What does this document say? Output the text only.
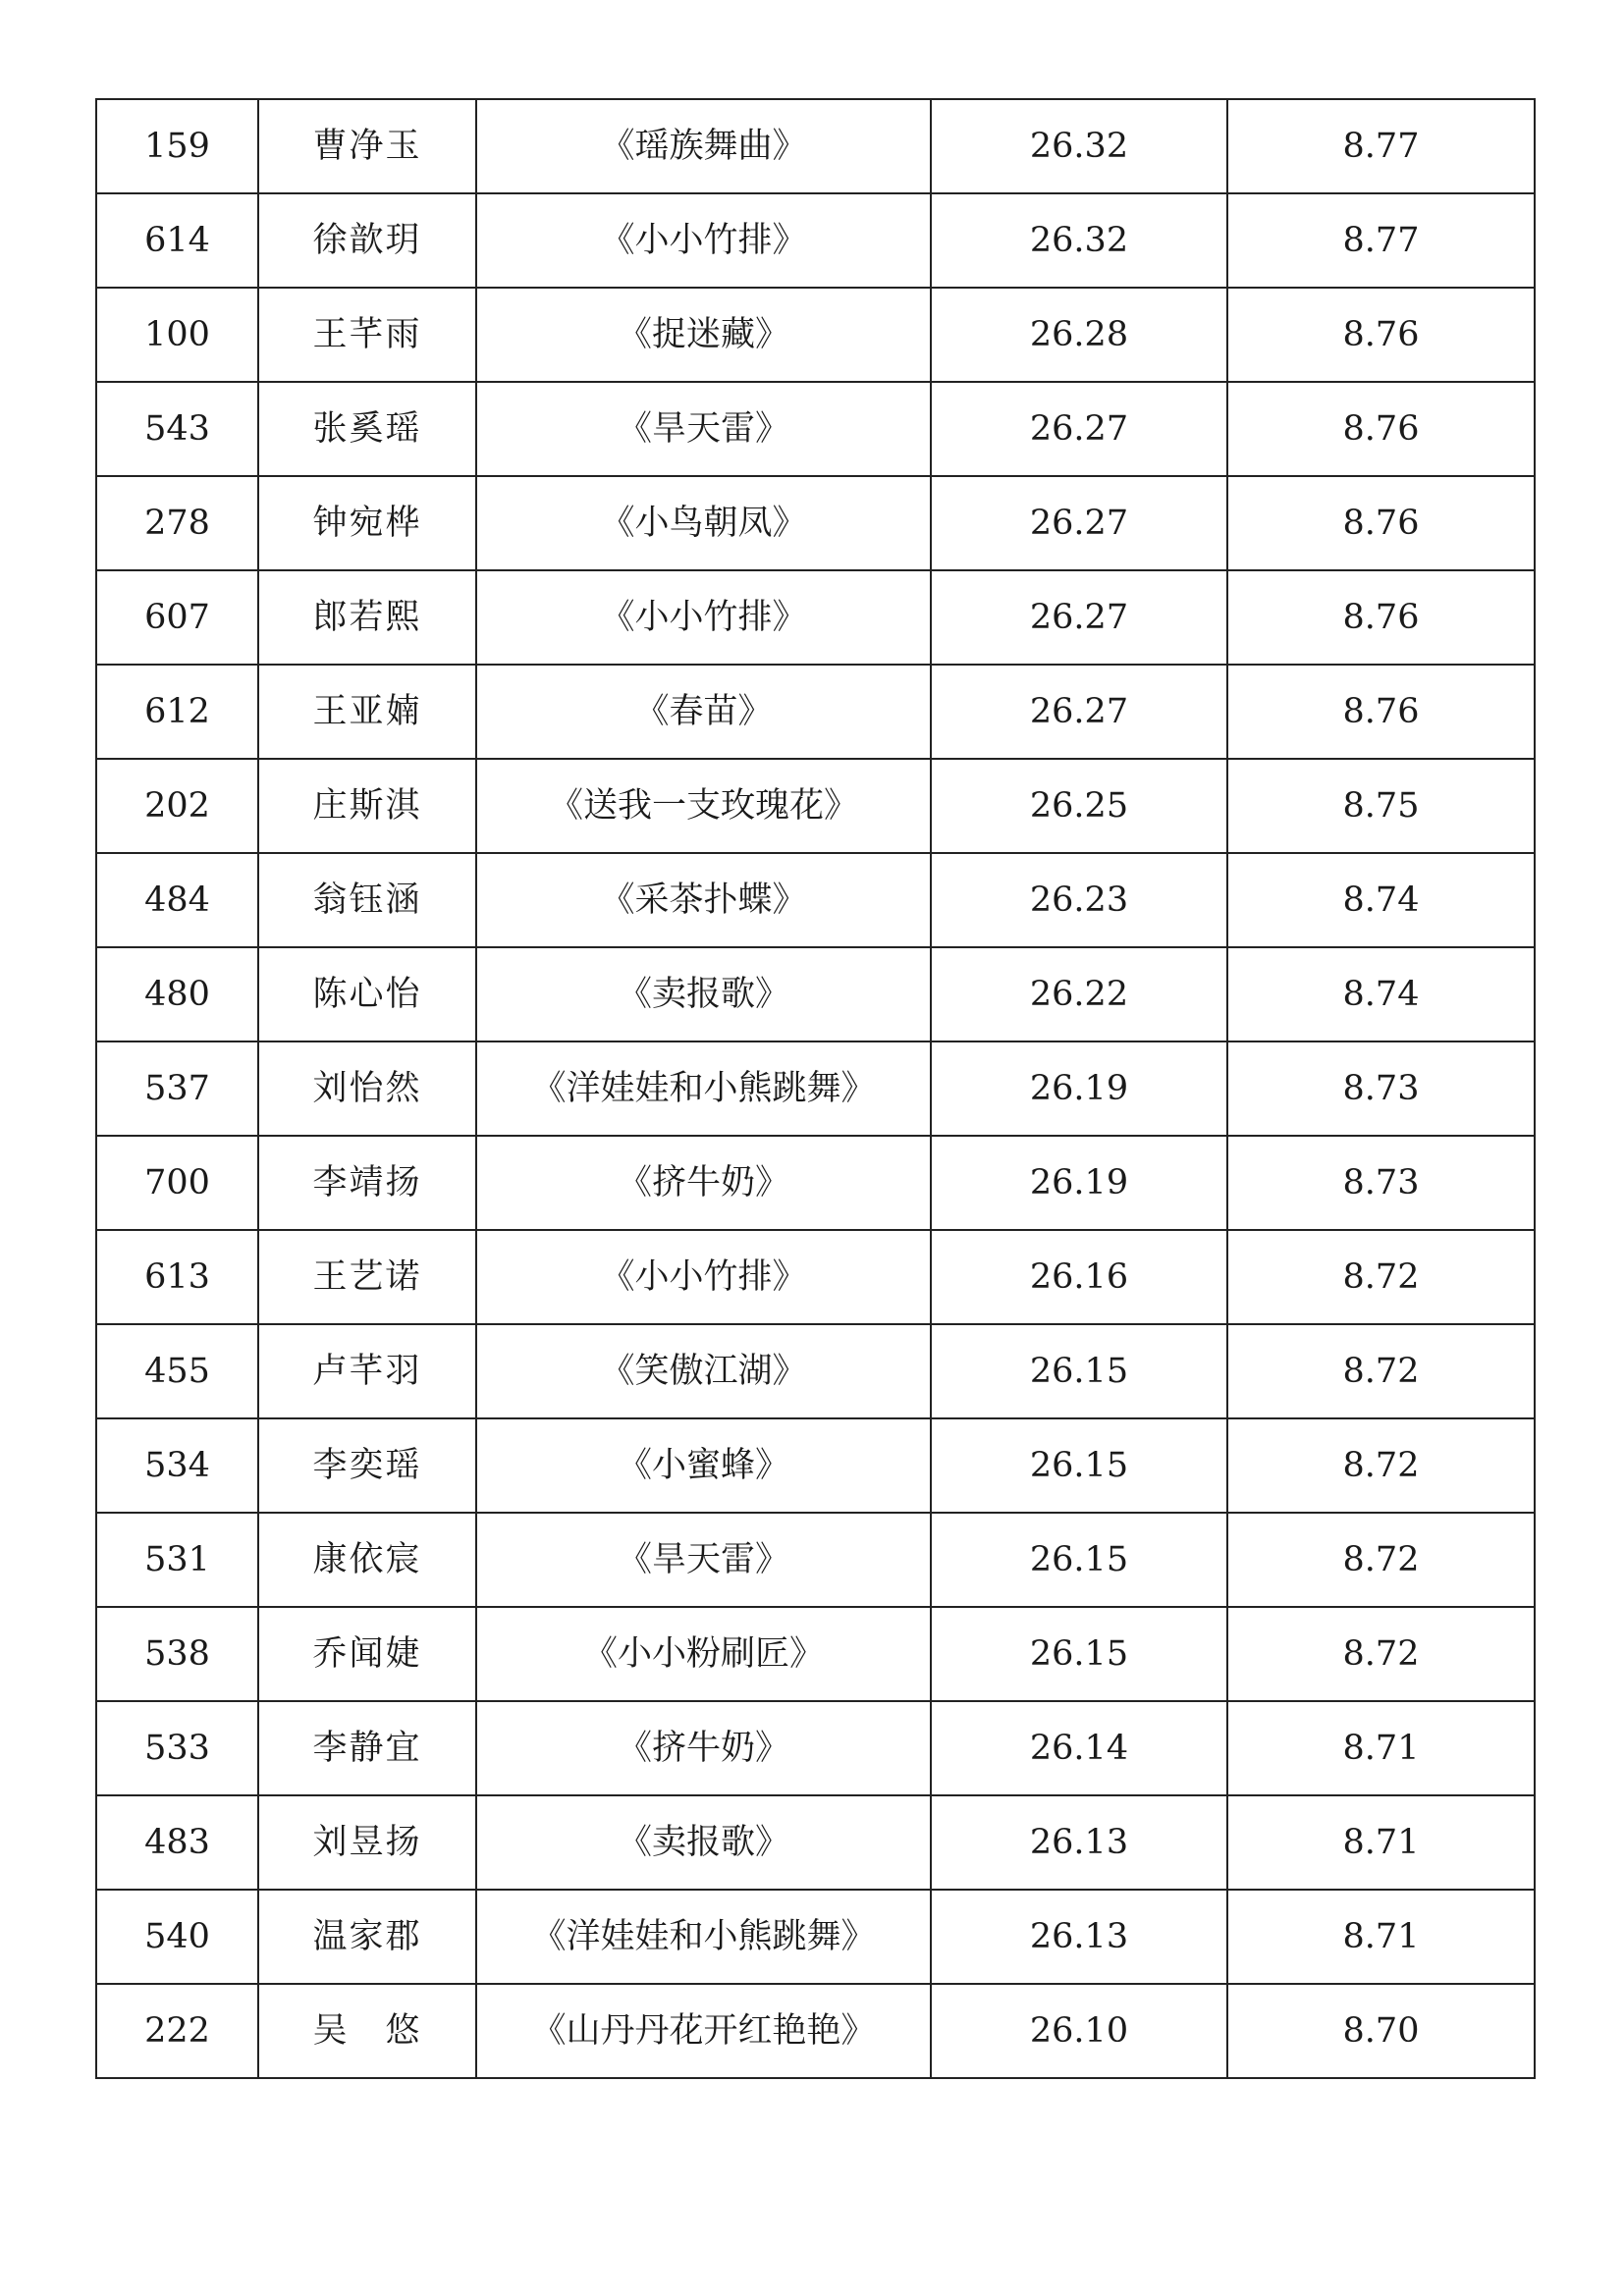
159	曹净玉	《瑶族舞曲》	26.32	8.77
614	徐歆玥	《小小竹排》	26.32	8.77
100	王芊雨	《捉迷藏》	26.28	8.76
543	张奚瑶	《旱天雷》	26.27	8.76
278	钟宛桦	《小鸟朝凤》	26.27	8.76
607	郎若熙	《小小竹排》	26.27	8.76
612	王亚婻	《春苗》	26.27	8.76
202	庄斯淇	《送我一支玫瑰花》	26.25	8.75
484	翁钰涵	《采茶扑蝶》	26.23	8.74
480	陈心怡	《卖报歌》	26.22	8.74
537	刘怡然	《洋娃娃和小熊跳舞》	26.19	8.73
700	李靖扬	《挤牛奶》	26.19	8.73
613	王艺诺	《小小竹排》	26.16	8.72
455	卢芊羽	《笑傲江湖》	26.15	8.72
534	李奕瑶	《小蜜蜂》	26.15	8.72
531	康依宸	《旱天雷》	26.15	8.72
538	乔闻婕	《小小粉刷匠》	26.15	8.72
533	李静宜	《挤牛奶》	26.14	8.71
483	刘昱扬	《卖报歌》	26.13	8.71
540	温家郡	《洋娃娃和小熊跳舞》	26.13	8.71
222	吴　悠	《山丹丹花开红艳艳》	26.10	8.70
